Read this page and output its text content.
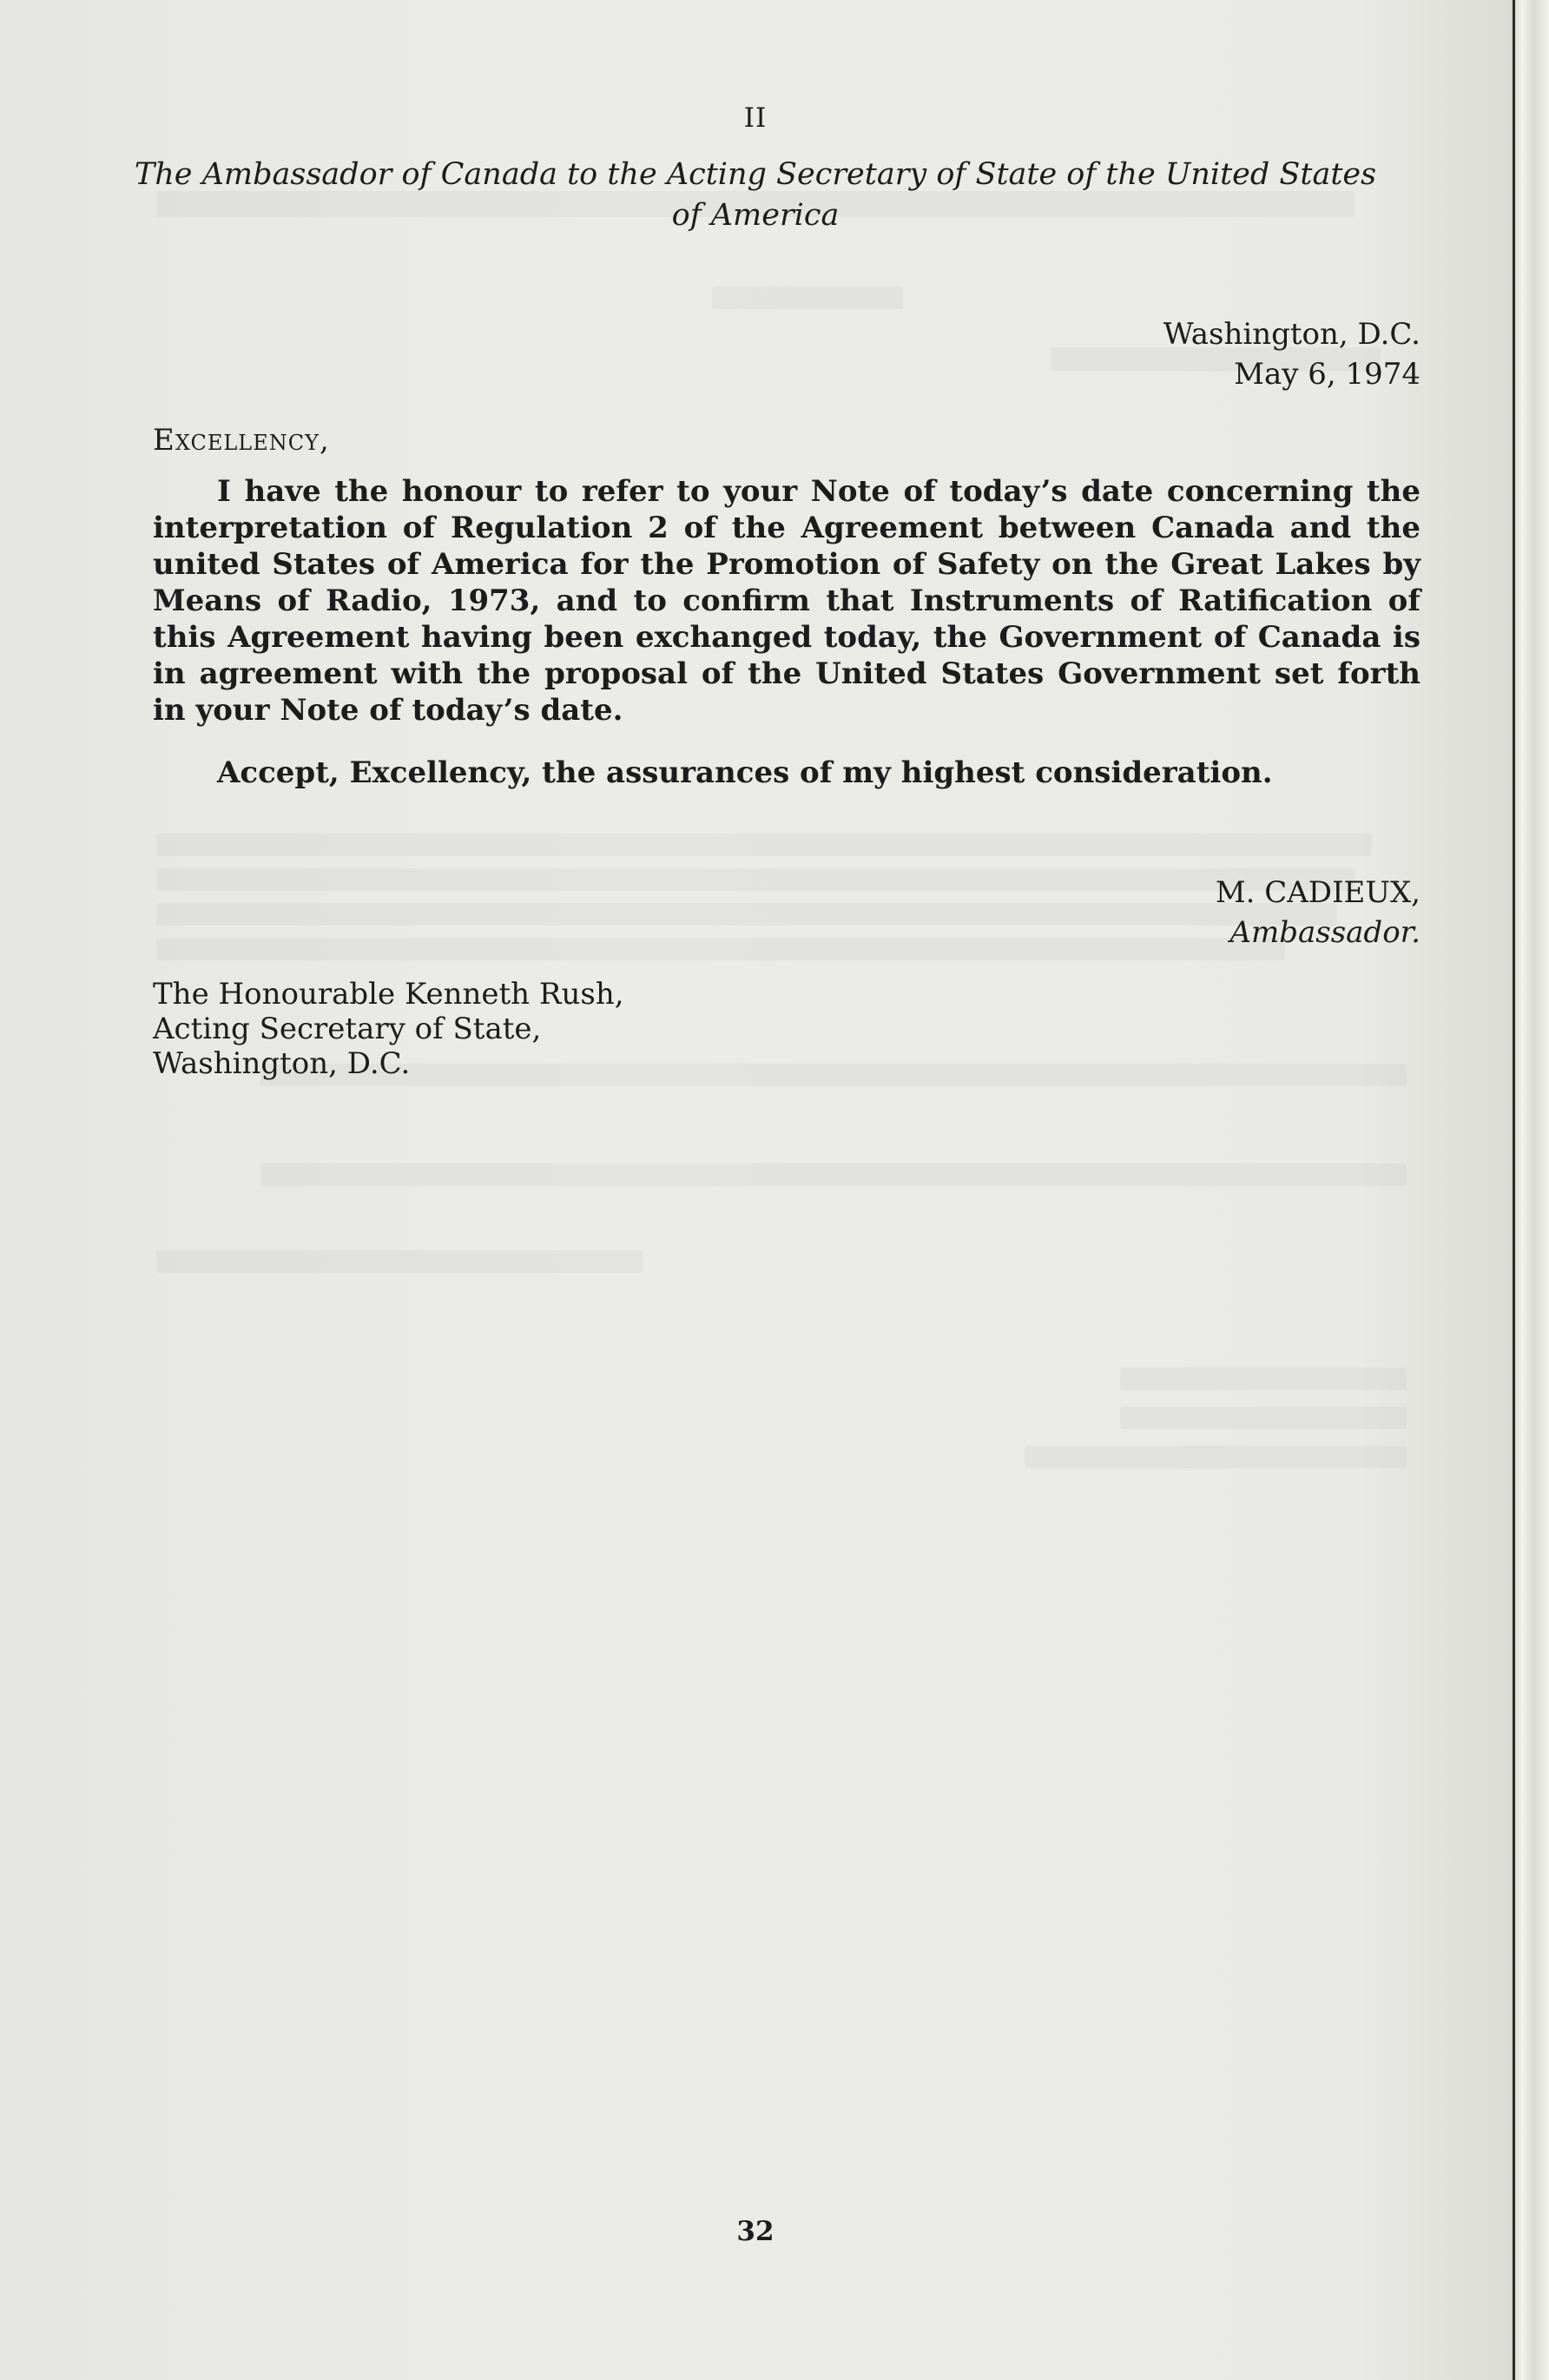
II
The Ambassador of Canada to the Acting Secretary of State of the United States of America
Washington, D.C.
May 6, 1974
Excellency,
I have the honour to refer to your Note of today’s date concerning the interpretation of Regulation 2 of the Agreement between Canada and the united States of America for the Promotion of Safety on the Great Lakes by Means of Radio, 1973, and to confirm that Instruments of Ratification of this Agreement having been exchanged today, the Government of Canada is in agreement with the proposal of the United States Government set forth in your Note of today’s date.
Accept, Excellency, the assurances of my highest consideration.
M. CADIEUX,
Ambassador.
The Honourable Kenneth Rush,
Acting Secretary of State,
Washington, D.C.
32
